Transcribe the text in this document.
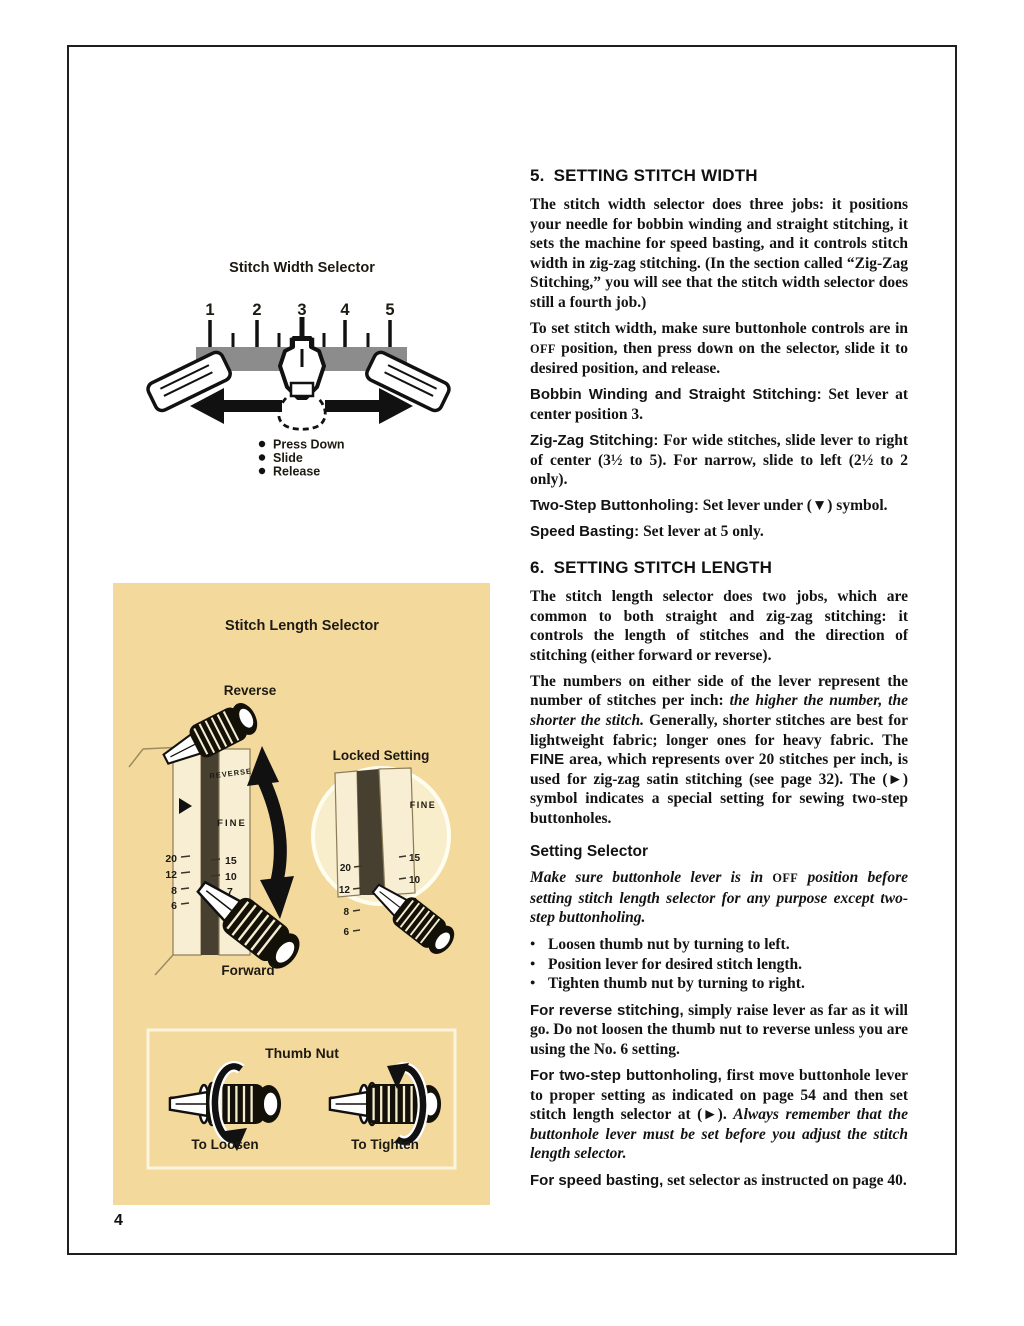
Stitch Width Selector
1 2 3 4 5
Press Down
Slide
Release
Stitch Length Selector
Reverse
REVERSE
FINE
20
12
8
6
15
10
7
Forward
Locked Setting
FINE
20
12
8
6
15
10
Thumb Nut
To Loosen	To Tighten
5. SETTING STITCH WIDTH

The stitch width selector does three jobs: it positions your needle for bobbin winding and straight stitching, it sets the machine for speed basting, and it controls stitch width in zig-zag stitching. (In the section called “Zig-Zag Stitching,” you will see that the stitch width selector does still a fourth job.)

To set stitch width, make sure buttonhole controls are in OFF position, then press down on the selector, slide it to desired position, and release.

Bobbin Winding and Straight Stitching: Set lever at center position 3.

Zig-Zag Stitching: For wide stitches, slide lever to right of center (3½ to 5). For narrow, slide to left (2½ to 2 only).

Two-Step Buttonholing: Set lever under (▼) symbol.

Speed Basting: Set lever at 5 only.

6. SETTING STITCH LENGTH

The stitch length selector does two jobs, which are common to both straight and zig-zag stitching: it controls the length of stitches and the direction of stitching (either forward or reverse).

The numbers on either side of the lever represent the number of stitches per inch: the higher the number, the shorter the stitch. Generally, shorter stitches are best for lightweight fabric; longer ones for heavy fabric. The FINE area, which represents over 20 stitches per inch, is used for zig-zag satin stitching (see page 32). The (►) symbol indicates a special setting for sewing two-step buttonholes.

Setting Selector

Make sure buttonhole lever is in OFF position before setting stitch length selector for any purpose except two-step buttonholing.

● Loosen thumb nut by turning to left.
● Position lever for desired stitch length.
● Tighten thumb nut by turning to right.

For reverse stitching, simply raise lever as far as it will go. Do not loosen the thumb nut to reverse unless you are using the No. 6 setting.

For two-step buttonholing, first move buttonhole lever to proper setting as indicated on page 54 and then set stitch length selector at (►). Always remember that the buttonhole lever must be set before you adjust the stitch length selector.

For speed basting, set selector as instructed on page 40.

4
